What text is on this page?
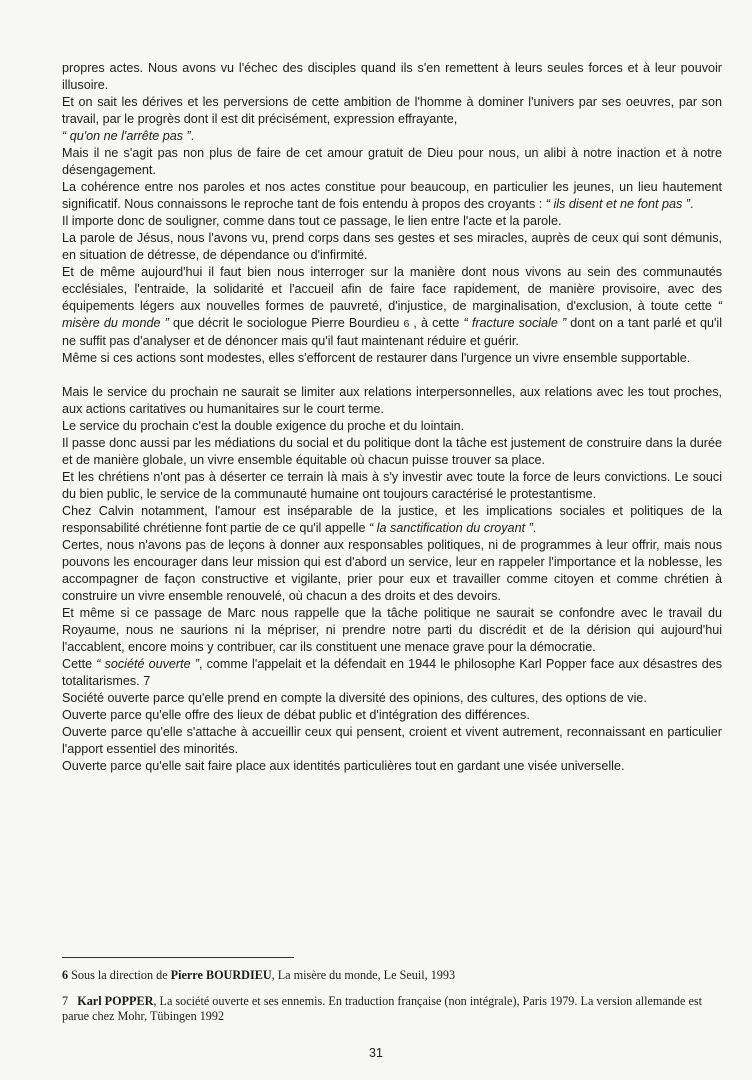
propres actes. Nous avons vu l'échec des disciples quand ils s'en remettent à leurs seules forces et à leur pouvoir illusoire.

Et on sait les dérives et les perversions de cette ambition de l'homme à dominer l'univers par ses oeuvres, par son travail, par le progrès dont il est dit précisément, expression effrayante,
“ qu'on ne l'arrête pas ”.

Mais il ne s'agit pas non plus de faire de cet amour gratuit de Dieu pour nous, un alibi à notre inaction et à notre désengagement.

La cohérence entre nos paroles et nos actes constitue pour beaucoup, en particulier les jeunes, un lieu hautement significatif. Nous connaissons le reproche tant de fois entendu à propos des croyants : “ ils disent et ne font pas ”.

Il importe donc de souligner, comme dans tout ce passage, le lien entre l'acte et la parole.

La parole de Jésus, nous l'avons vu, prend corps dans ses gestes et ses miracles, auprès de ceux qui sont démunis, en situation de détresse, de dépendance ou d'infirmité.

Et de même aujourd'hui il faut bien nous interroger sur la manière dont nous vivons au sein des communautés ecclésiales, l'entraide, la solidarité et l'accueil afin de faire face rapidement, de manière provisoire, avec des équipements légers aux nouvelles formes de pauvreté, d'injustice, de marginalisation, d'exclusion, à toute cette “ misère du monde ” que décrit le sociologue Pierre Bourdieu 6 , à cette “ fracture sociale ” dont on a tant parlé et qu'il ne suffit pas d'analyser et de dénoncer mais qu'il faut maintenant réduire et guérir.

Même si ces actions sont modestes, elles s'efforcent de restaurer dans l'urgence un vivre ensemble supportable.

Mais le service du prochain ne saurait se limiter aux relations interpersonnelles, aux relations avec les tout proches, aux actions caritatives ou humanitaires sur le court terme.

Le service du prochain c'est la double exigence du proche et du lointain.

Il passe donc aussi par les médiations du social et du politique dont la tâche est justement de construire dans la durée et de manière globale, un vivre ensemble équitable où chacun puisse trouver sa place.

Et les chrétiens n'ont pas à déserter ce terrain là mais à s'y investir avec toute la force de leurs convictions. Le souci du bien public, le service de la communauté humaine ont toujours caractérisé le protestantisme.

Chez Calvin notamment, l'amour est inséparable de la justice, et les implications sociales et politiques de la responsabilité chrétienne font partie de ce qu'il appelle “ la sanctification du croyant ”.

Certes, nous n'avons pas de leçons à donner aux responsables politiques, ni de programmes à leur offrir, mais nous pouvons les encourager dans leur mission qui est d'abord un service, leur en rappeler l'importance et la noblesse, les accompagner de façon constructive et vigilante, prier pour eux et travailler comme citoyen et comme chrétien à construire un vivre ensemble renouvelé, où chacun a des droits et des devoirs.

Et même si ce passage de Marc nous rappelle que la tâche politique ne saurait se confondre avec le travail du Royaume, nous ne saurions ni la mépriser, ni prendre notre parti du discrédit et de la dérision qui aujourd'hui l'accablent, encore moins y contribuer, car ils constituent une menace grave pour la démocratie.

Cette “ société ouverte ”, comme l'appelait et la défendait en 1944 le philosophe Karl Popper face aux désastres des totalitarismes. 7

Société ouverte parce qu'elle prend en compte la diversité des opinions, des cultures, des options de vie.

Ouverte parce qu'elle offre des lieux de débat public et d'intégration des différences.

Ouverte parce qu'elle s'attache à accueillir ceux qui pensent, croient et vivent autrement, reconnaissant en particulier l'apport essentiel des minorités.

Ouverte parce qu'elle sait faire place aux identités particulières tout en gardant une visée universelle.

6 Sous la direction de Pierre BOURDIEU, La misère du monde, Le Seuil, 1993

7 Karl POPPER, La société ouverte et ses ennemis. En traduction française (non intégrale), Paris 1979. La version allemande est parue chez Mohr, Tübingen 1992

31
